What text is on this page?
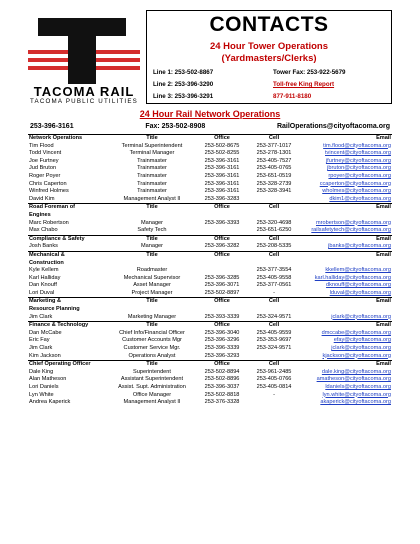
TACOMA RAIL
TACOMA PUBLIC UTILITIES
CONTACTS
24 Hour Tower Operations
(Yardmasters/Clerks)
Line 1: 253-502-8867	Tower Fax: 253-922-5679
Line 2: 253-396-3290	Toll-free King Report
Line 3: 253-396-3291	877-911-8180
24 Hour Rail Network Operations
253-396-3161	Fax: 253-502-8908	RailOperations@cityoftacoma.org
Network Operations	Title	Office	Cell	Email
Tim Flood	Terminal Superintendent	253-502-8675	253-377-1017	tim.flood@cityoftacoma.org
Todd Vincent	Terminal Manager	253-502-8255	253-278-1301	tvincent@cityoftacoma.org
Joe Furtney	Trainmaster	253-396-3161	253-405-7527	jfurtney@cityoftacoma.org
Jud Bruton	Trainmaster	253-396-3161	253-405-0765	jbruton@cityoftacoma.org
Roger Poyer	Trainmaster	253-396-3161	253-651-0519	rpoyer@cityoftacoma.org
Chris Caperton	Trainmaster	253-396-3161	253-328-2739	ccaperton@cityoftacoma.org
Winfred Holmes	Trainmaster	253-396-3161	253-328-3941	wholmes@cityoftacoma.org
David Kim	Management Analyst II	253-396-3283		dkim1@cityoftacoma.org
Road Foreman of	Title	Office	Cell	Email
Engines				
Marc Robertson	Manager	253-396-3393	253-320-4698	mrobertson@cityoftacoma.org
Max Chabo	Safety Tech		253-651-6250	railsafetytech@cityoftacoma.org
Compliance & Safety	Title	Office	Cell	Email
Josh Banks	Manager	253-396-3282	253-208-5335	jbanks@cityoftacoma.org
Mechanical &	Title	Office	Cell	Email
Construction				
Kyle Kellem	Roadmaster		253-377-3554	kkellem@cityoftacoma.org
Karl Halliday	Mechanical Supervisor	253-396-3285	253-405-9558	karl.halliday@cityoftacoma.org
Dan Knouff	Asset Manager	253-396-3071	253-377-0561	dknouff@cityoftacoma.org
Lori Duval	Project Manager	253-502-8897	-	lduval@cityoftacoma.org
Marketing &	Title	Office	Cell	Email
Resource Planning				
Jim Clark	Marketing Manager	253-393-3339	253-324-9571	jclark@cityoftacoma.org
Finance & Technology	Title	Office	Cell	Email
Dan McCabe	Chief Info/Financial Officer	253-396-3040	253-405-9559	dmccabe@cityoftacoma.org
Eric Fay	Customer Accounts Mgr	253-396-3296	253-353-9697	efay@cityoftacoma.org
Jim Clark	Customer Service Mgr.	253-396-3339	253-324-9571	jclark@cityoftacoma.org
Kim Jackson	Operations Analyst	253-396-3293		kjackson@cityoftacoma.org
Chief Operating Officer	Title	Office	Cell	Email
Dale King	Superintendent	253-502-8894	253-961-2485	dale.king@cityoftacoma.org
Alan Matheson	Assistant Superintendent	253-502-8896	253-405-0766	amatheson@cityoftacoma.org
Lori Daniels	Assist. Supt. Administration	253-396-3037	253-405-0814	ldaniels@cityoftacoma.org
Lyn White	Office Manager	253-502-8818	-	lyn.white@cityoftacoma.org
Andrea Kaperick	Management Analyst II	253-376-3328		akaperick@cityoftacoma.org
